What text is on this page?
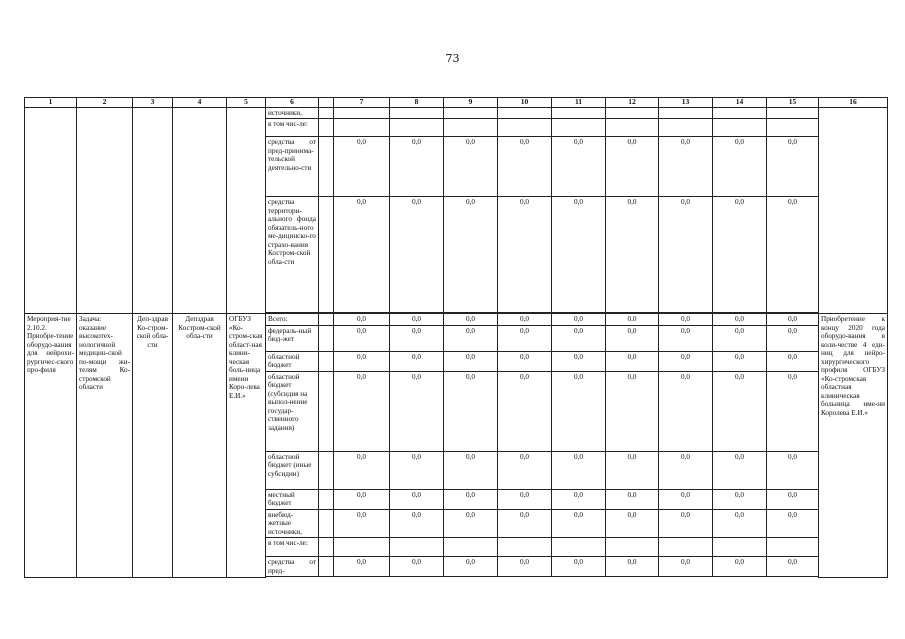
73
1	2	3	4	5	6		7	8	9	10	11	12	13	14	15	16
					источники,											
					в том чис-ле:											
					средства от пред-принима-тельской деятельно-сти		0,0	0,0	0,0	0,0	0,0	0,0	0,0	0,0	0,0	
					средства территори-ального фонда обязатель-ного ме-дицинско-го страхо-вания Костром-ской обла-сти		0,0	0,0	0,0	0,0	0,0	0,0	0,0	0,0	0,0	

Мероприя-тие 2.10.2. Приобре-тение оборудо-вания для нейрохи-рургичес-ского про-филя	Задача: оказание высокотех-нологичной медицин-ской по-мощи жи-телям Ко-стромской области	Деп-здрав Ко-стром-ской обла-сти	Депздрав Костром-ской обла-сти	ОГБУЗ «Ко-стром-ская област-ная клини-ческая боль-ница имени Коро-лева Е.И.»	Всего:		0,0	0,0	0,0	0,0	0,0	0,0	0,0	0,0	0,0	Приобретение к концу 2020 года оборудо-вания в коли-честве 4 еди-ниц для нейро-хирургического профиля ОГБУЗ «Ко-стромская областная клиническая больница име-ни Королева Е.И.»
					федераль-ный бюд-жет		0,0	0,0	0,0	0,0	0,0	0,0	0,0	0,0	0,0	
					областной бюджет		0,0	0,0	0,0	0,0	0,0	0,0	0,0	0,0	0,0	
					областной бюджет (субсидия на выпол-нение государ-ственного задания)		0,0	0,0	0,0	0,0	0,0	0,0	0,0	0,0	0,0	
					областной бюджет (иные субсидии)		0,0	0,0	0,0	0,0	0,0	0,0	0,0	0,0	0,0	
					местный бюджет		0,0	0,0	0,0	0,0	0,0	0,0	0,0	0,0	0,0	
					внебюд-жетные источники,		0,0	0,0	0,0	0,0	0,0	0,0	0,0	0,0	0,0	
					в том чис-ле:											
					средства от пред-		0,0	0,0	0,0	0,0	0,0	0,0	0,0	0,0	0,0	
